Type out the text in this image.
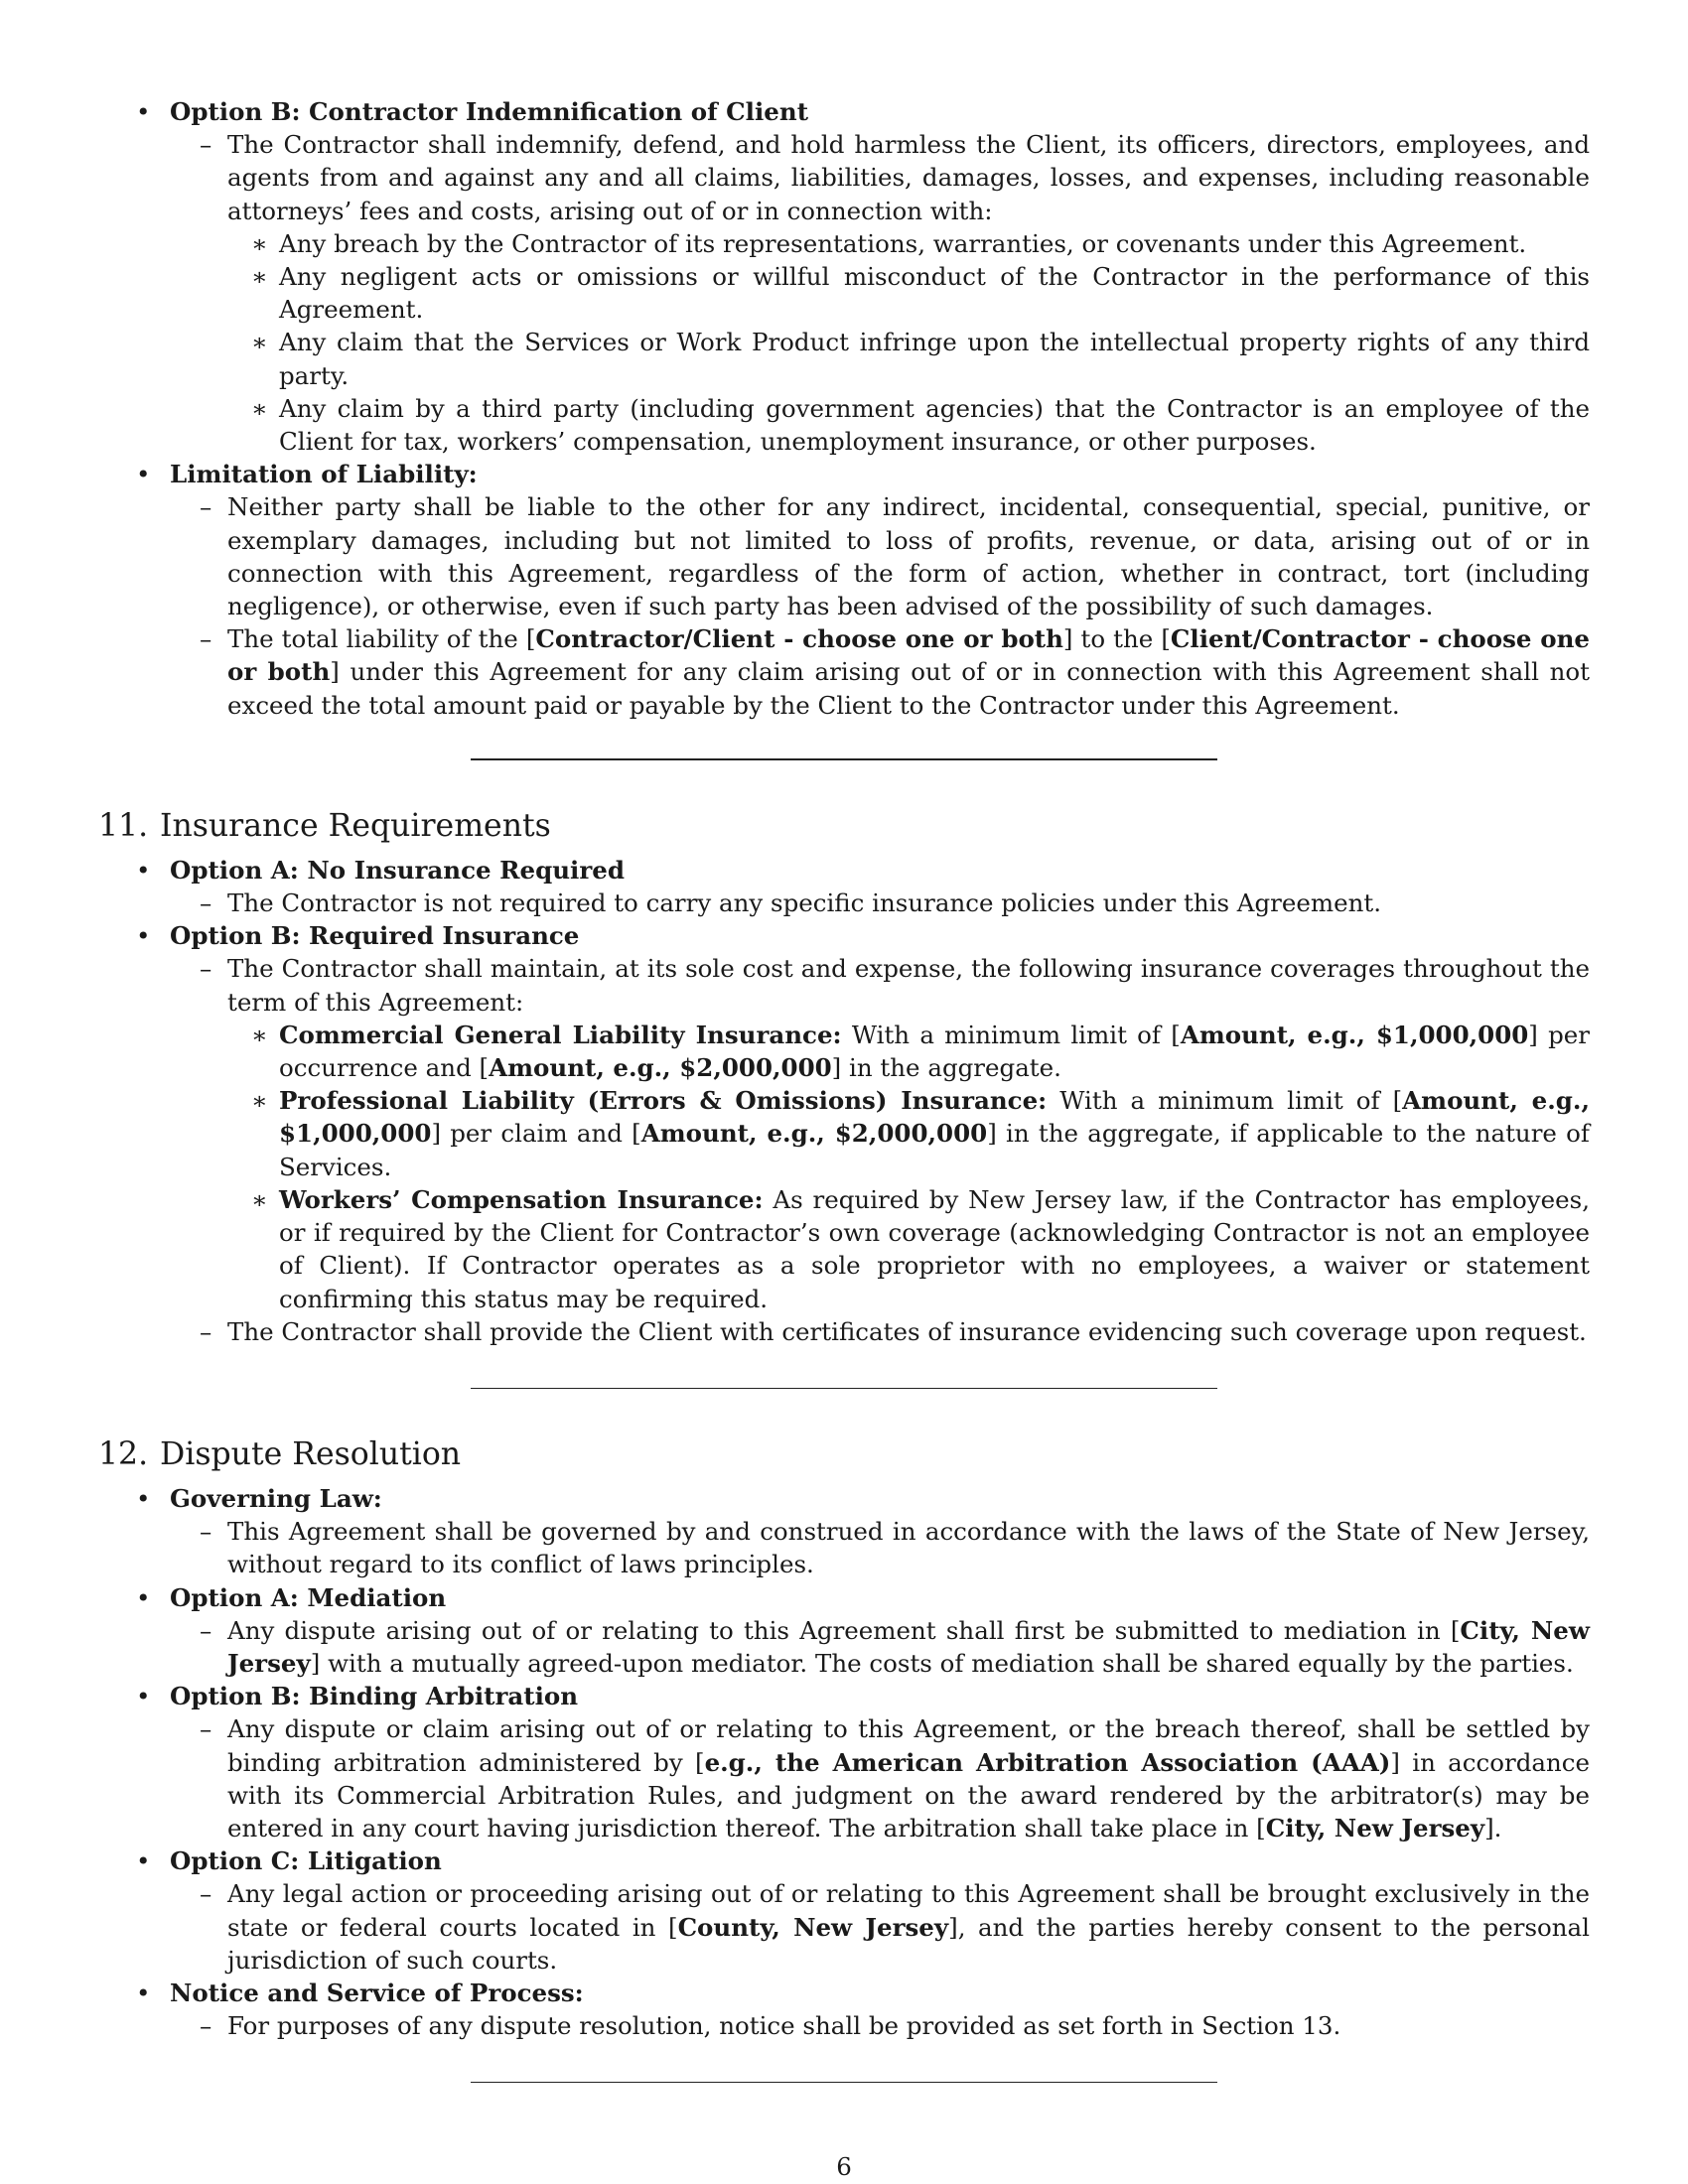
• Option B: Contractor Indemnification of Client
– The Contractor shall indemnify, defend, and hold harmless the Client, its officers, directors, employees, and agents from and against any and all claims, liabilities, damages, losses, and expenses, including reasonable attorneys’ fees and costs, arising out of or in connection with:
∗ Any breach by the Contractor of its representations, warranties, or covenants under this Agreement.
∗ Any negligent acts or omissions or willful misconduct of the Contractor in the performance of this Agreement.
∗ Any claim that the Services or Work Product infringe upon the intellectual property rights of any third party.
∗ Any claim by a third party (including government agencies) that the Contractor is an employee of the Client for tax, workers’ compensation, unemployment insurance, or other purposes.
• Limitation of Liability:
– Neither party shall be liable to the other for any indirect, incidental, consequential, special, punitive, or exemplary damages, including but not limited to loss of profits, revenue, or data, arising out of or in connection with this Agreement, regardless of the form of action, whether in contract, tort (including negligence), or otherwise, even if such party has been advised of the possibility of such damages.
– The total liability of the [Contractor/Client - choose one or both] to the [Client/Contractor - choose one or both] under this Agreement for any claim arising out of or in connection with this Agreement shall not exceed the total amount paid or payable by the Client to the Contractor under this Agreement.
11. Insurance Requirements
• Option A: No Insurance Required
– The Contractor is not required to carry any specific insurance policies under this Agreement.
• Option B: Required Insurance
– The Contractor shall maintain, at its sole cost and expense, the following insurance coverages throughout the term of this Agreement:
∗ Commercial General Liability Insurance: With a minimum limit of [Amount, e.g., $1,000,000] per occurrence and [Amount, e.g., $2,000,000] in the aggregate.
∗ Professional Liability (Errors & Omissions) Insurance: With a minimum limit of [Amount, e.g., $1,000,000] per claim and [Amount, e.g., $2,000,000] in the aggregate, if applicable to the nature of Services.
∗ Workers’ Compensation Insurance: As required by New Jersey law, if the Contractor has employees, or if required by the Client for Contractor’s own coverage (acknowledging Contractor is not an employee of Client). If Contractor operates as a sole proprietor with no employees, a waiver or statement confirming this status may be required.
– The Contractor shall provide the Client with certificates of insurance evidencing such coverage upon request.
12. Dispute Resolution
• Governing Law:
– This Agreement shall be governed by and construed in accordance with the laws of the State of New Jersey, without regard to its conflict of laws principles.
• Option A: Mediation
– Any dispute arising out of or relating to this Agreement shall first be submitted to mediation in [City, New Jersey] with a mutually agreed-upon mediator. The costs of mediation shall be shared equally by the parties.
• Option B: Binding Arbitration
– Any dispute or claim arising out of or relating to this Agreement, or the breach thereof, shall be settled by binding arbitration administered by [e.g., the American Arbitration Association (AAA)] in accordance with its Commercial Arbitration Rules, and judgment on the award rendered by the arbitrator(s) may be entered in any court having jurisdiction thereof. The arbitration shall take place in [City, New Jersey].
• Option C: Litigation
– Any legal action or proceeding arising out of or relating to this Agreement shall be brought exclusively in the state or federal courts located in [County, New Jersey], and the parties hereby consent to the personal jurisdiction of such courts.
• Notice and Service of Process:
– For purposes of any dispute resolution, notice shall be provided as set forth in Section 13.
6
